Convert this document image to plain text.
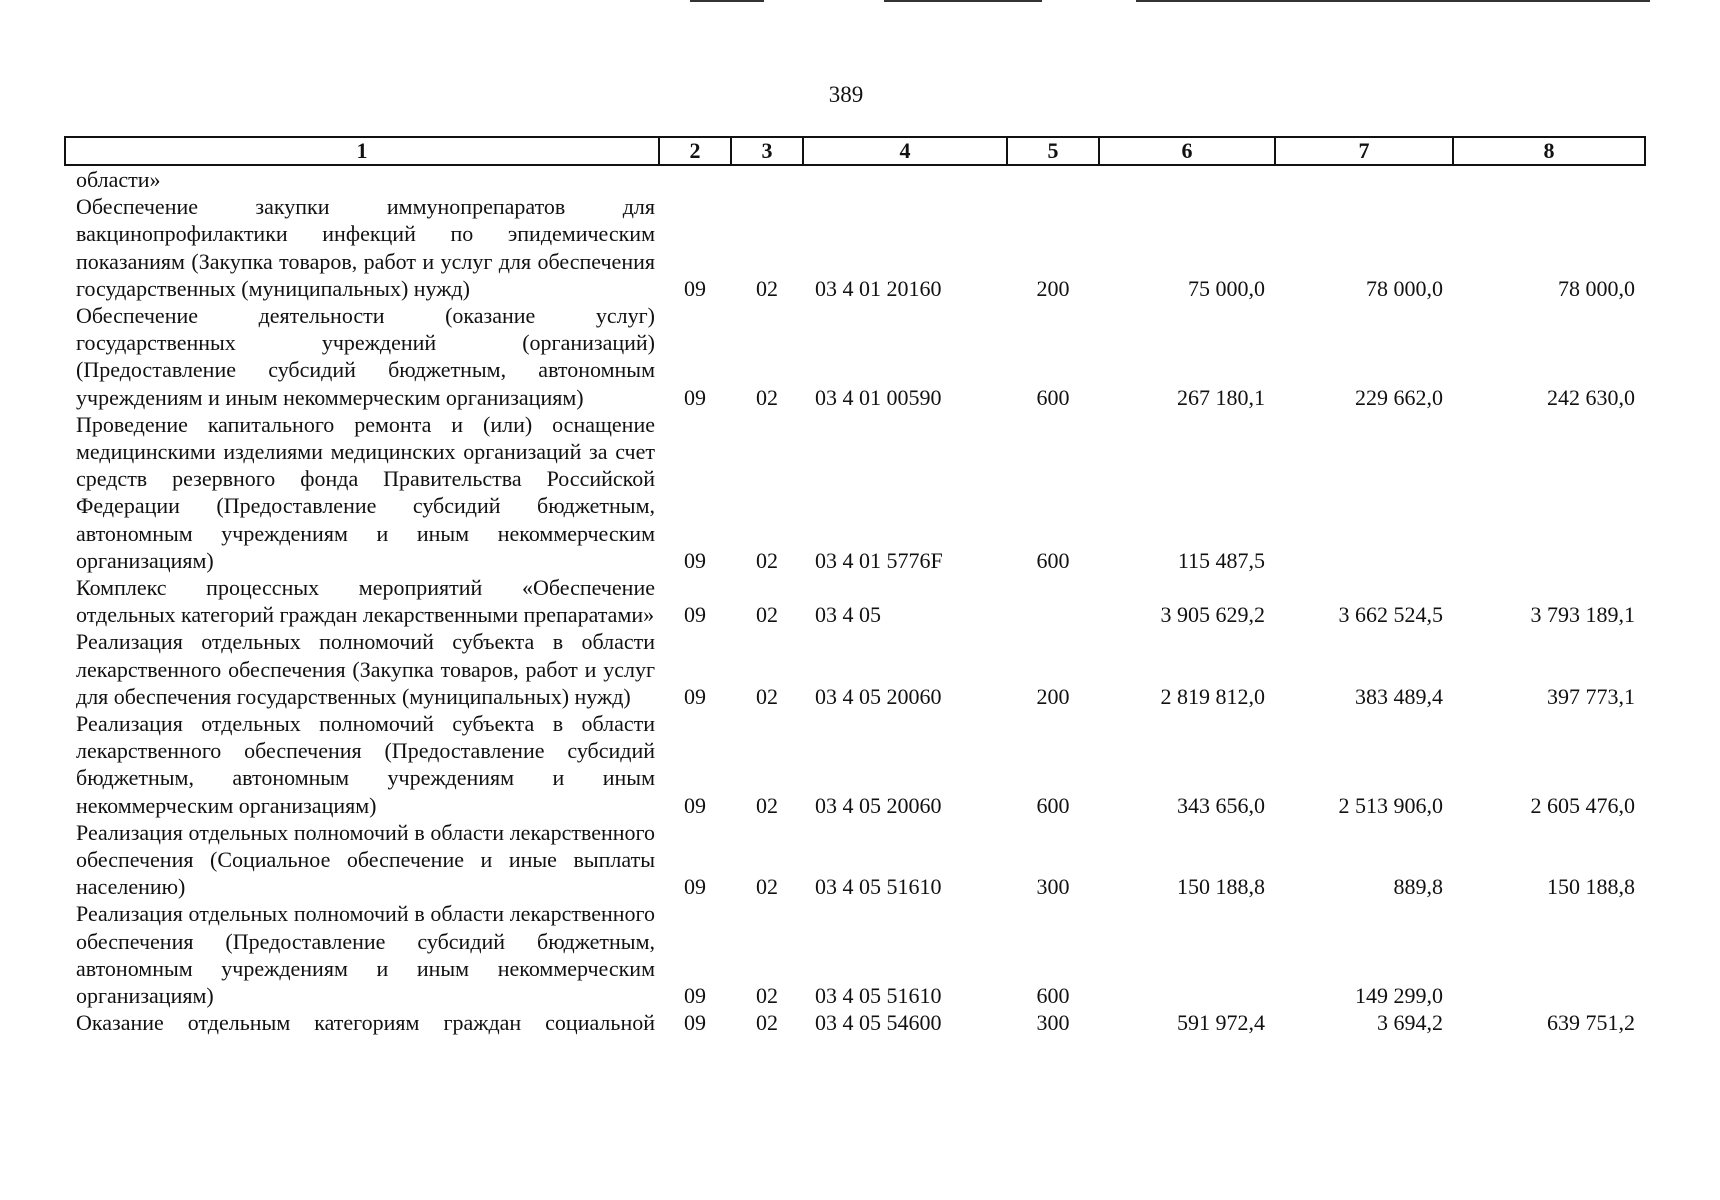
389
1	2	3	4	5	6	7	8
области»							
Обеспечение закупки иммунопрепаратов для вакцинопрофилактики инфекций по эпидемическим показаниям (Закупка товаров, работ и услуг для обеспечения государственных (муниципальных) нужд)	09	02	03 4 01 20160	200	75 000,0	78 000,0	78 000,0
Обеспечение деятельности (оказание услуг) государственных учреждений (организаций) (Предоставление субсидий бюджетным, автономным учреждениям и иным некоммерческим организациям)	09	02	03 4 01 00590	600	267 180,1	229 662,0	242 630,0
Проведение капитального ремонта и (или) оснащение медицинскими изделиями медицинских организаций за счет средств резервного фонда Правительства Российской Федерации (Предоставление субсидий бюджетным, автономным учреждениям и иным некоммерческим организациям)	09	02	03 4 01 5776F	600	115 487,5		
Комплекс процессных мероприятий «Обеспечение отдельных категорий граждан лекарственными препаратами»	09	02	03 4 05		3 905 629,2	3 662 524,5	3 793 189,1
Реализация отдельных полномочий субъекта в области лекарственного обеспечения (Закупка товаров, работ и услуг для обеспечения государственных (муниципальных) нужд)	09	02	03 4 05 20060	200	2 819 812,0	383 489,4	397 773,1
Реализация отдельных полномочий субъекта в области лекарственного обеспечения (Предоставление субсидий бюджетным, автономным учреждениям и иным некоммерческим организациям)	09	02	03 4 05 20060	600	343 656,0	2 513 906,0	2 605 476,0
Реализация отдельных полномочий в области лекарственного обеспечения (Социальное обеспечение и иные выплаты населению)	09	02	03 4 05 51610	300	150 188,8	889,8	150 188,8
Реализация отдельных полномочий в области лекарственного обеспечения (Предоставление субсидий бюджетным, автономным учреждениям и иным некоммерческим организациям)	09	02	03 4 05 51610	600		149 299,0	
Оказание отдельным категориям граждан социальной	09	02	03 4 05 54600	300	591 972,4	3 694,2	639 751,2
